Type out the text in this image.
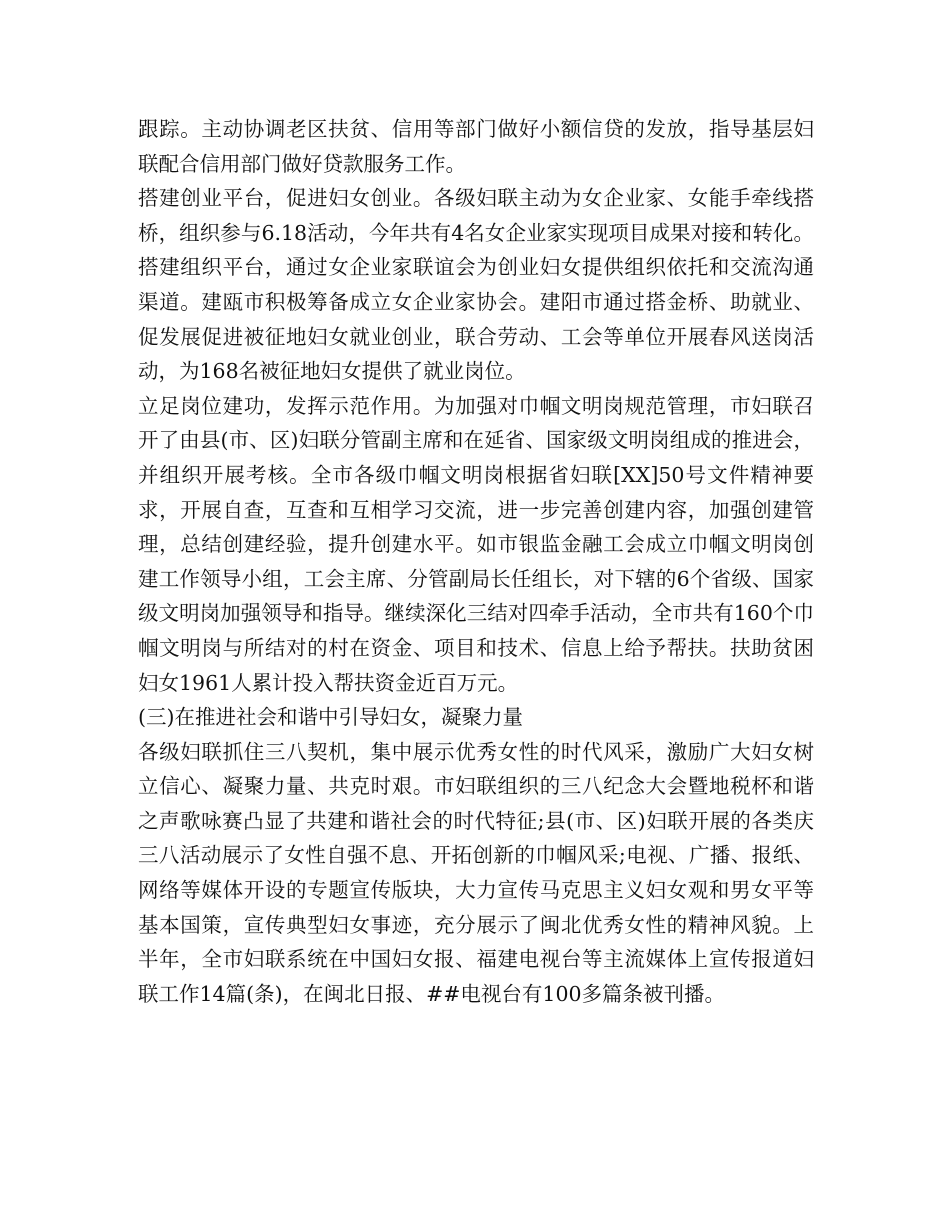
跟踪。主动协调老区扶贫、信用等部门做好小额信贷的发放，指导基层妇联配合信用部门做好贷款服务工作。

搭建创业平台，促进妇女创业。各级妇联主动为女企业家、女能手牵线搭桥，组织参与6.18活动，今年共有4名女企业家实现项目成果对接和转化。搭建组织平台，通过女企业家联谊会为创业妇女提供组织依托和交流沟通渠道。建瓯市积极筹备成立女企业家协会。建阳市通过搭金桥、助就业、促发展促进被征地妇女就业创业，联合劳动、工会等单位开展春风送岗活动，为168名被征地妇女提供了就业岗位。

立足岗位建功，发挥示范作用。为加强对巾帼文明岗规范管理，市妇联召开了由县(市、区)妇联分管副主席和在延省、国家级文明岗组成的推进会，并组织开展考核。全市各级巾帼文明岗根据省妇联[XX]50号文件精神要求，开展自查，互查和互相学习交流，进一步完善创建内容，加强创建管理，总结创建经验，提升创建水平。如市银监金融工会成立巾帼文明岗创建工作领导小组，工会主席、分管副局长任组长，对下辖的6个省级、国家级文明岗加强领导和指导。继续深化三结对四牵手活动，全市共有160个巾帼文明岗与所结对的村在资金、项目和技术、信息上给予帮扶。扶助贫困妇女1961人累计投入帮扶资金近百万元。

(三)在推进社会和谐中引导妇女，凝聚力量

各级妇联抓住三八契机，集中展示优秀女性的时代风采，激励广大妇女树立信心、凝聚力量、共克时艰。市妇联组织的三八纪念大会暨地税杯和谐之声歌咏赛凸显了共建和谐社会的时代特征;县(市、区)妇联开展的各类庆三八活动展示了女性自强不息、开拓创新的巾帼风采;电视、广播、报纸、网络等媒体开设的专题宣传版块，大力宣传马克思主义妇女观和男女平等基本国策，宣传典型妇女事迹，充分展示了闽北优秀女性的精神风貌。上半年，全市妇联系统在中国妇女报、福建电视台等主流媒体上宣传报道妇联工作14篇(条)，在闽北日报、##电视台有100多篇条被刊播。
